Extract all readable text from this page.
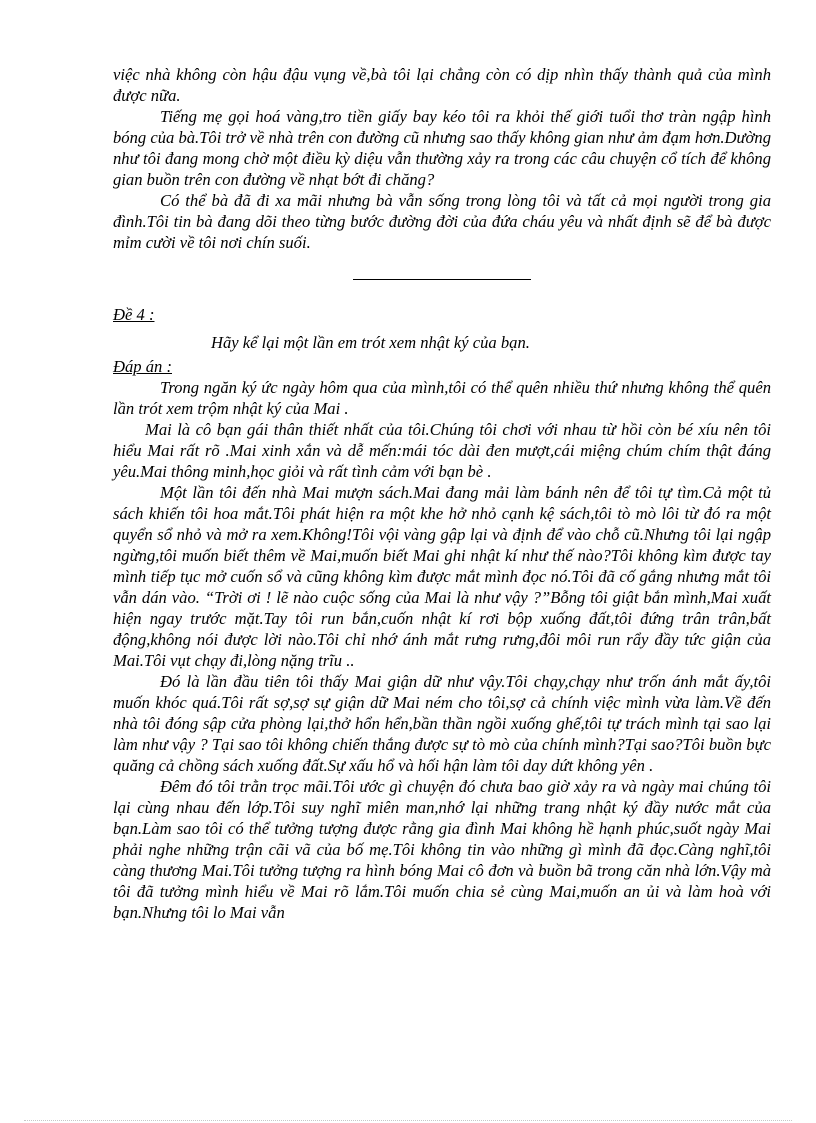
việc nhà không còn hậu đậu vụng về,bà tôi lại chẳng còn có dịp nhìn thấy thành quả của mình được nữa.

Tiếng mẹ gọi hoá vàng,tro tiền giấy bay kéo tôi ra khỏi thế giới tuổi thơ tràn ngập hình bóng của bà.Tôi trở về nhà trên con đường cũ nhưng sao thấy không gian như ảm đạm hơn.Dường như tôi đang mong chờ một điều kỳ diệu vẫn thường xảy ra trong các câu chuyện cổ tích để không gian buồn trên con đường về nhạt bớt đi chăng?

Có thể bà đã đi xa mãi nhưng bà vẫn sống trong lòng tôi và tất cả mọi người trong gia đình.Tôi tin bà đang dõi theo từng bước đường đời của đứa cháu yêu và nhất định sẽ để bà được mỉm cười về tôi nơi chín suối.

Đề 4 :
Hãy kể lại một lần em trót xem nhật ký của bạn.
Đáp án :

Trong ngăn ký ức ngày hôm qua của mình,tôi có thể quên nhiều thứ nhưng không thể quên lần trót xem trộm nhật ký của Mai .

Mai là cô bạn gái thân thiết nhất của tôi.Chúng tôi chơi với nhau từ hồi còn bé xíu nên tôi hiểu Mai rất rõ .Mai xinh xắn và dễ mến:mái tóc dài đen mượt,cái miệng chúm chím thật đáng yêu.Mai thông minh,học giỏi và rất tình cảm với bạn bè .

Một lần tôi đến nhà Mai mượn sách.Mai đang mải làm bánh nên để tôi tự tìm.Cả một tủ sách khiến tôi hoa mắt.Tôi phát hiện ra một khe hở nhỏ cạnh kệ sách,tôi tò mò lôi từ đó ra một quyển sổ nhỏ và mở ra xem.Không!Tôi vội vàng gập lại và định để vào chỗ cũ.Nhưng tôi lại ngập ngừng,tôi muốn biết thêm về Mai,muốn biết Mai ghi nhật kí như thế nào?Tôi không kìm được tay mình tiếp tục mở cuốn sổ và cũng không kìm được mắt mình đọc nó.Tôi đã cố gắng nhưng mắt tôi vẫn dán vào. “Trời ơi ! lẽ nào cuộc sống của Mai là như vậy ?”Bỗng tôi giật bắn mình,Mai xuất hiện ngay trước mặt.Tay tôi run bắn,cuốn nhật kí rơi bộp xuống đất,tôi đứng trân trân,bất động,không nói được lời nào.Tôi chỉ nhớ ánh mắt rưng rưng,đôi môi run rẩy đầy tức giận của Mai.Tôi vụt chạy đi,lòng nặng trĩu ..

Đó là lần đầu tiên tôi thấy Mai giận dữ như vậy.Tôi chạy,chạy như trốn ánh mắt ấy,tôi muốn khóc quá.Tôi rất sợ,sợ sự giận dữ Mai ném cho tôi,sợ cả chính việc mình vừa làm.Về đến nhà tôi đóng sập cửa phòng lại,thở hổn hển,bần thần ngồi xuống ghế,tôi tự trách mình tại sao lại làm như vậy ? Tại sao tôi không chiến thắng được sự tò mò của chính mình?Tại sao?Tôi buồn bực quăng cả chồng sách xuống đất.Sự xấu hổ và hối hận làm tôi day dứt không yên .

Đêm đó tôi trằn trọc mãi.Tôi ước gì chuyện đó chưa bao giờ xảy ra và ngày mai chúng tôi lại cùng nhau đến lớp.Tôi suy nghĩ miên man,nhớ lại những trang nhật ký đầy nước mắt của bạn.Làm sao tôi có thể tưởng tượng được rằng gia đình Mai không hề hạnh phúc,suốt ngày Mai phải nghe những trận cãi vã của bố mẹ.Tôi không tin vào những gì mình đã đọc.Càng nghĩ,tôi càng thương Mai.Tôi tưởng tượng ra hình bóng Mai cô đơn và buồn bã trong căn nhà lớn.Vậy mà tôi đã tưởng mình hiểu về Mai rõ lắm.Tôi muốn chia sẻ cùng Mai,muốn an ủi và làm hoà với bạn.Nhưng tôi lo Mai vẫn
